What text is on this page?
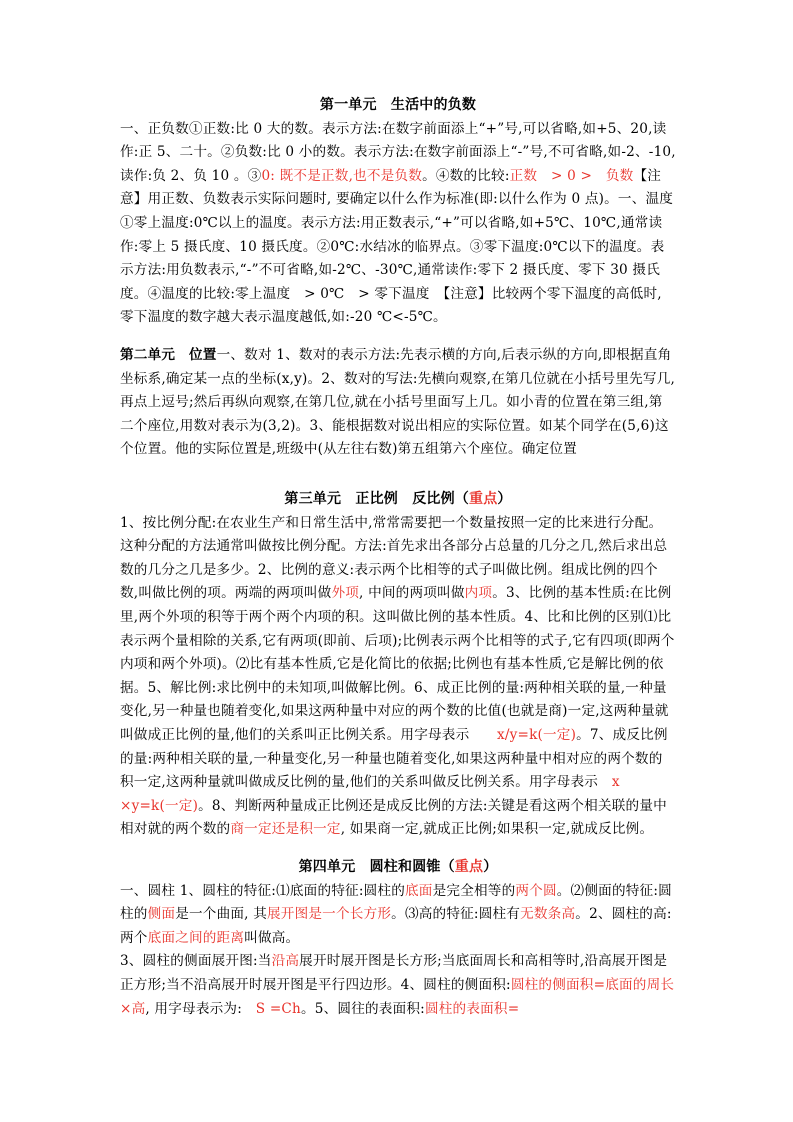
第一单元　生活中的负数

一、正负数①正数:比 0 大的数。表示方法:在数字前面添上“+”号,可以省略,如+5、20,读作:正 5、二十。②负数:比 0 小的数。表示方法:在数字前面添上“-”号,不可省略,如-2、-10,读作:负 2、负 10 。③0: 既不是正数,也不是负数。④数的比较:正数　> 0 >　负数【注意】用正数、负数表示实际问题时, 要确定以什么作为标准(即:以什么作为 0 点)。一、温度①零上温度:0℃以上的温度。表示方法:用正数表示,“+”可以省略,如+5℃、10℃,通常读作:零上 5 摄氏度、10 摄氏度。②0℃:水结冰的临界点。③零下温度:0℃以下的温度。表示方法:用负数表示,“-”不可省略,如-2℃、-30℃,通常读作:零下 2 摄氏度、零下 30 摄氏度。④温度的比较:零上温度　> 0℃　> 零下温度　【注意】比较两个零下温度的高低时, 零下温度的数字越大表示温度越低,如:-20 ℃<-5℃。

第二单元　位置一、数对 1、数对的表示方法:先表示横的方向,后表示纵的方向,即根据直角坐标系,确定某一点的坐标(x,y)。2、数对的写法:先横向观察,在第几位就在小括号里先写几,再点上逗号;然后再纵向观察,在第几位,就在小括号里面写上几。如小青的位置在第三组,第二个座位,用数对表示为(3,2)。3、能根据数对说出相应的实际位置。如某个同学在(5,6)这个位置。他的实际位置是,班级中(从左往右数)第五组第六个座位。确定位置

第三单元　正比例　反比例（重点）

1、按比例分配:在农业生产和日常生活中,常常需要把一个数量按照一定的比来进行分配。这种分配的方法通常叫做按比例分配。方法:首先求出各部分占总量的几分之几,然后求出总数的几分之几是多少。2、比例的意义:表示两个比相等的式子叫做比例。组成比例的四个数,叫做比例的项。两端的两项叫做外项, 中间的两项叫做内项。3、比例的基本性质:在比例里,两个外项的积等于两个两个内项的积。这叫做比例的基本性质。4、比和比例的区别⑴比表示两个量相除的关系,它有两项(即前、后项);比例表示两个比相等的式子,它有四项(即两个内项和两个外项)。⑵比有基本性质,它是化简比的依据;比例也有基本性质,它是解比例的依据。5、解比例:求比例中的未知项,叫做解比例。6、成正比例的量:两种相关联的量,一种量变化,另一种量也随着变化,如果这两种量中对应的两个数的比值(也就是商)一定,这两种量就叫做成正比例的量,他们的关系叫正比例关系。用字母表示　　x/y=k(一定)。7、成反比例的量:两种相关联的量,一种量变化,另一种量也随着变化,如果这两种量中相对应的两个数的积一定,这两种量就叫做成反比例的量,他们的关系叫做反比例关系。用字母表示　x　×y=k(一定)。8、判断两种量成正比例还是成反比例的方法:关键是看这两个相关联的量中相对就的两个数的商一定还是积一定, 如果商一定,就成正比例;如果积一定,就成反比例。

第四单元　圆柱和圆锥（重点）

一、圆柱 1、圆柱的特征:⑴底面的特征:圆柱的底面是完全相等的两个圆。⑵侧面的特征:圆柱的侧面是一个曲面, 其展开图是一个长方形。⑶高的特征:圆柱有无数条高。2、圆柱的高:两个底面之间的距离叫做高。

3、圆柱的侧面展开图:当沿高展开时展开图是长方形;当底面周长和高相等时,沿高展开图是正方形;当不沿高展开时展开图是平行四边形。4、圆柱的侧面积:圆柱的侧面积=底面的周长×高, 用字母表示为:　S =Ch。5、圆往的表面积:圆柱的表面积=
